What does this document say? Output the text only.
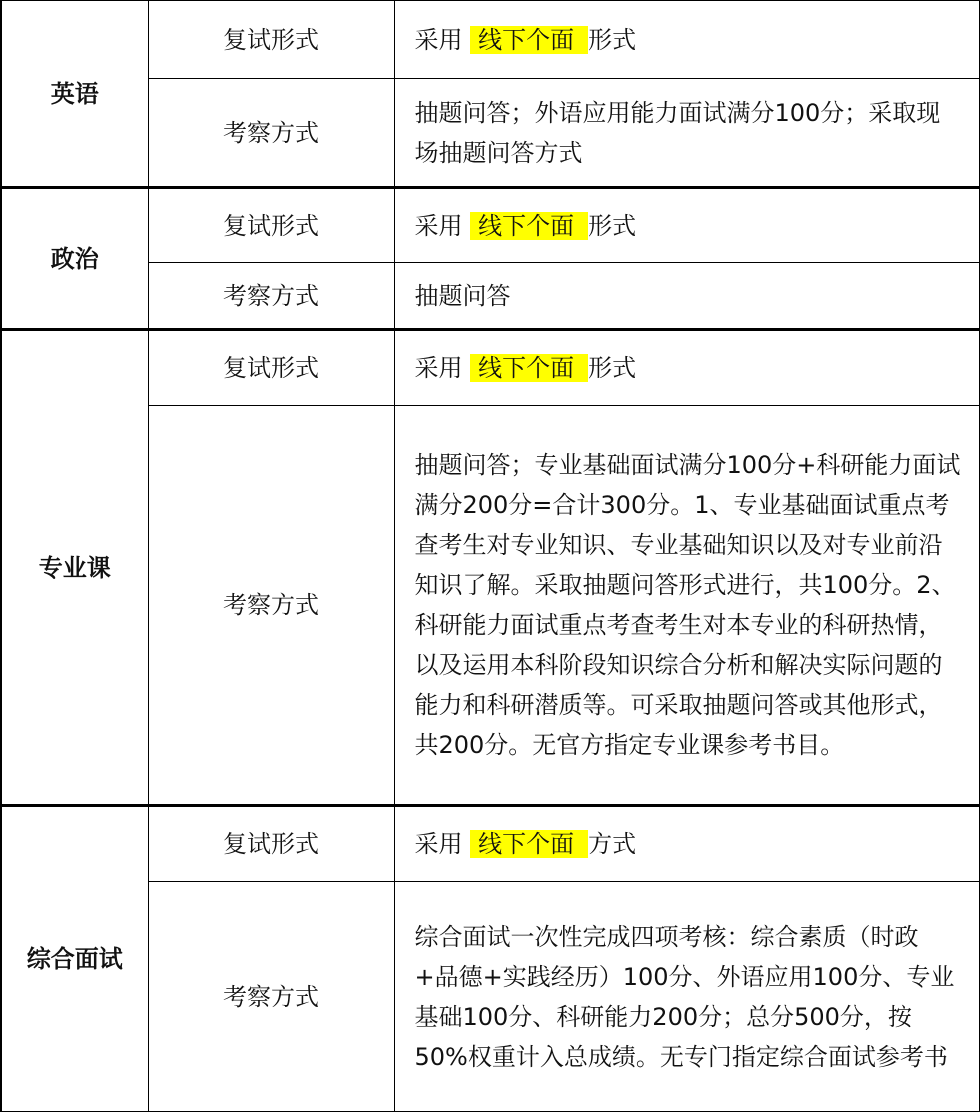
英语	复试形式	采用 线下个面 形式
	考察方式	抽题问答；外语应用能力面试满分100分；采取现场抽题问答方式
政治	复试形式	采用 线下个面 形式
	考察方式	抽题问答
专业课	复试形式	采用 线下个面 形式
	考察方式	抽题问答；专业基础面试满分100分+科研能力面试满分200分=合计300分。1、专业基础面试重点考查考生对专业知识、专业基础知识以及对专业前沿知识了解。采取抽题问答形式进行，共100分。2、科研能力面试重点考查考生对本专业的科研热情，以及运用本科阶段知识综合分析和解决实际问题的能力和科研潜质等。可采取抽题问答或其他形式，共200分。无官方指定专业课参考书目。
综合面试	复试形式	采用 线下个面 方式
	考察方式	综合面试一次性完成四项考核：综合素质（时政+品德+实践经历）100分、外语应用100分、专业基础100分、科研能力200分；总分500分，按50%权重计入总成绩。无专门指定综合面试参考书
